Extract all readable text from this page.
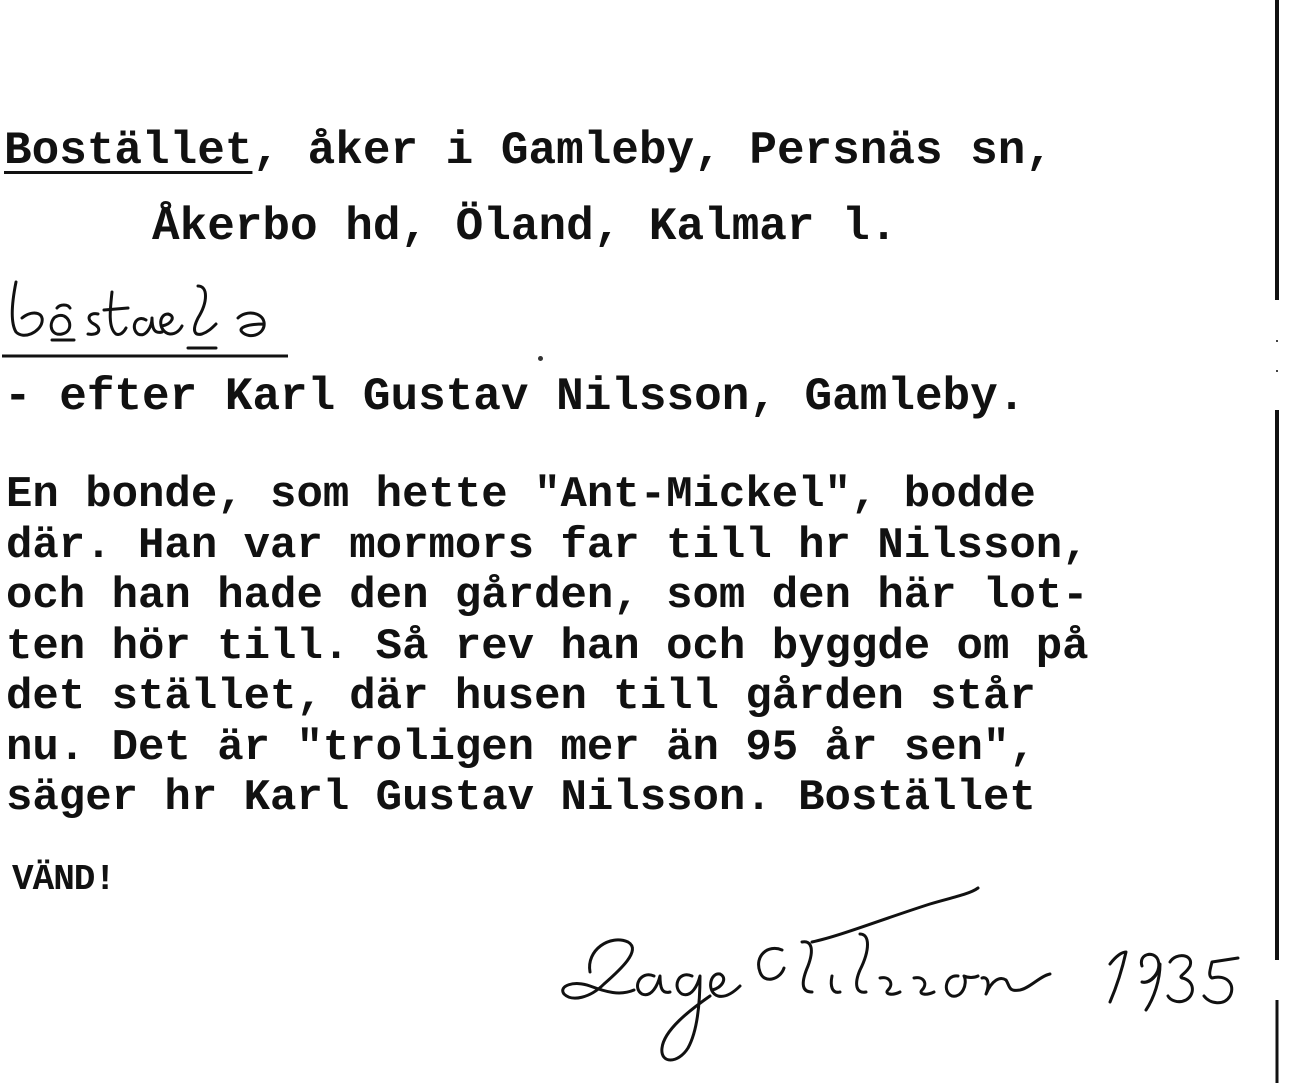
Bostället, åker i Gamleby, Persnäs sn,
Åkerbo hd, Öland, Kalmar l.
- efter Karl Gustav Nilsson, Gamleby.
En bonde, som hette "Ant-Mickel", bodde
där. Han var mormors far till hr Nilsson,
och han hade den gården, som den här lot-
ten hör till. Så rev han och byggde om på
det stället, där husen till gården står
nu. Det är "troligen mer än 95 år sen",
säger hr Karl Gustav Nilsson. Bostället
VÄND!
